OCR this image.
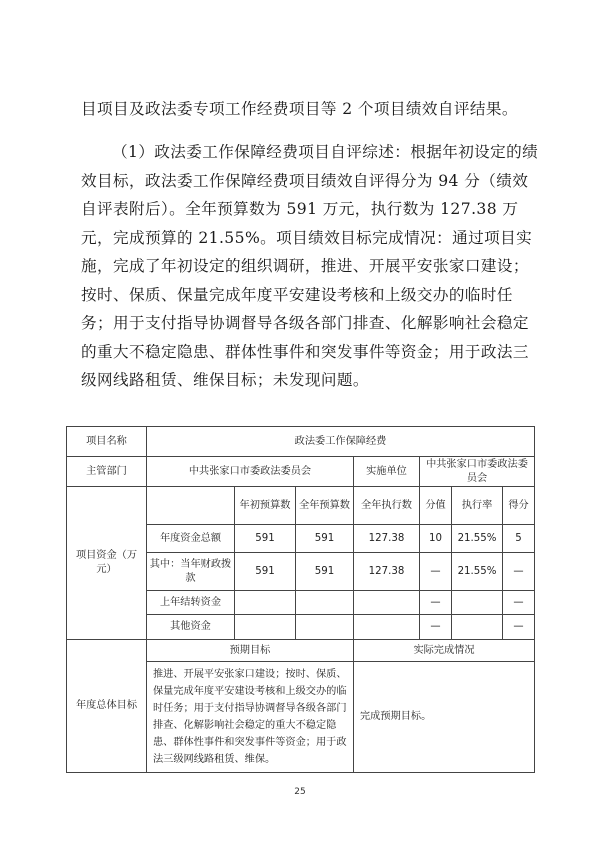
目项目及政法委专项工作经费项目等 2 个项目绩效自评结果。

（1）政法委工作保障经费项目自评综述：根据年初设定的绩效目标，政法委工作保障经费项目绩效自评得分为 94 分（绩效自评表附后）。全年预算数为 591 万元，执行数为 127.38 万元，完成预算的 21.55%。项目绩效目标完成情况：通过项目实施，完成了年初设定的组织调研，推进、开展平安张家口建设；按时、保质、保量完成年度平安建设考核和上级交办的临时任务；用于支付指导协调督导各级各部门排查、化解影响社会稳定的重大不稳定隐患、群体性事件和突发事件等资金；用于政法三级网线路租赁、维保目标；未发现问题。

项目名称	政法委工作保障经费						
主管部门	中共张家口市委政法委员会			实施单位	中共张家口市委政法委员会		
项目资金（万元）		年初预算数	全年预算数	全年执行数	分值	执行率	得分
	年度资金总额	591	591	127.38	10	21.55%	5
	其中：当年财政拨款	591	591	127.38	—	21.55%	—
	上年结转资金				—		—
	其他资金				—		—
年度总体目标	预期目标			实际完成情况			
	推进、开展平安张家口建设；按时、保质、保量完成年度平安建设考核和上级交办的临时任务；用于支付指导协调督导各级各部门排查、化解影响社会稳定的重大不稳定隐患、群体性事件和突发事件等资金；用于政法三级网线路租赁、维保。			完成预期目标。			
25
